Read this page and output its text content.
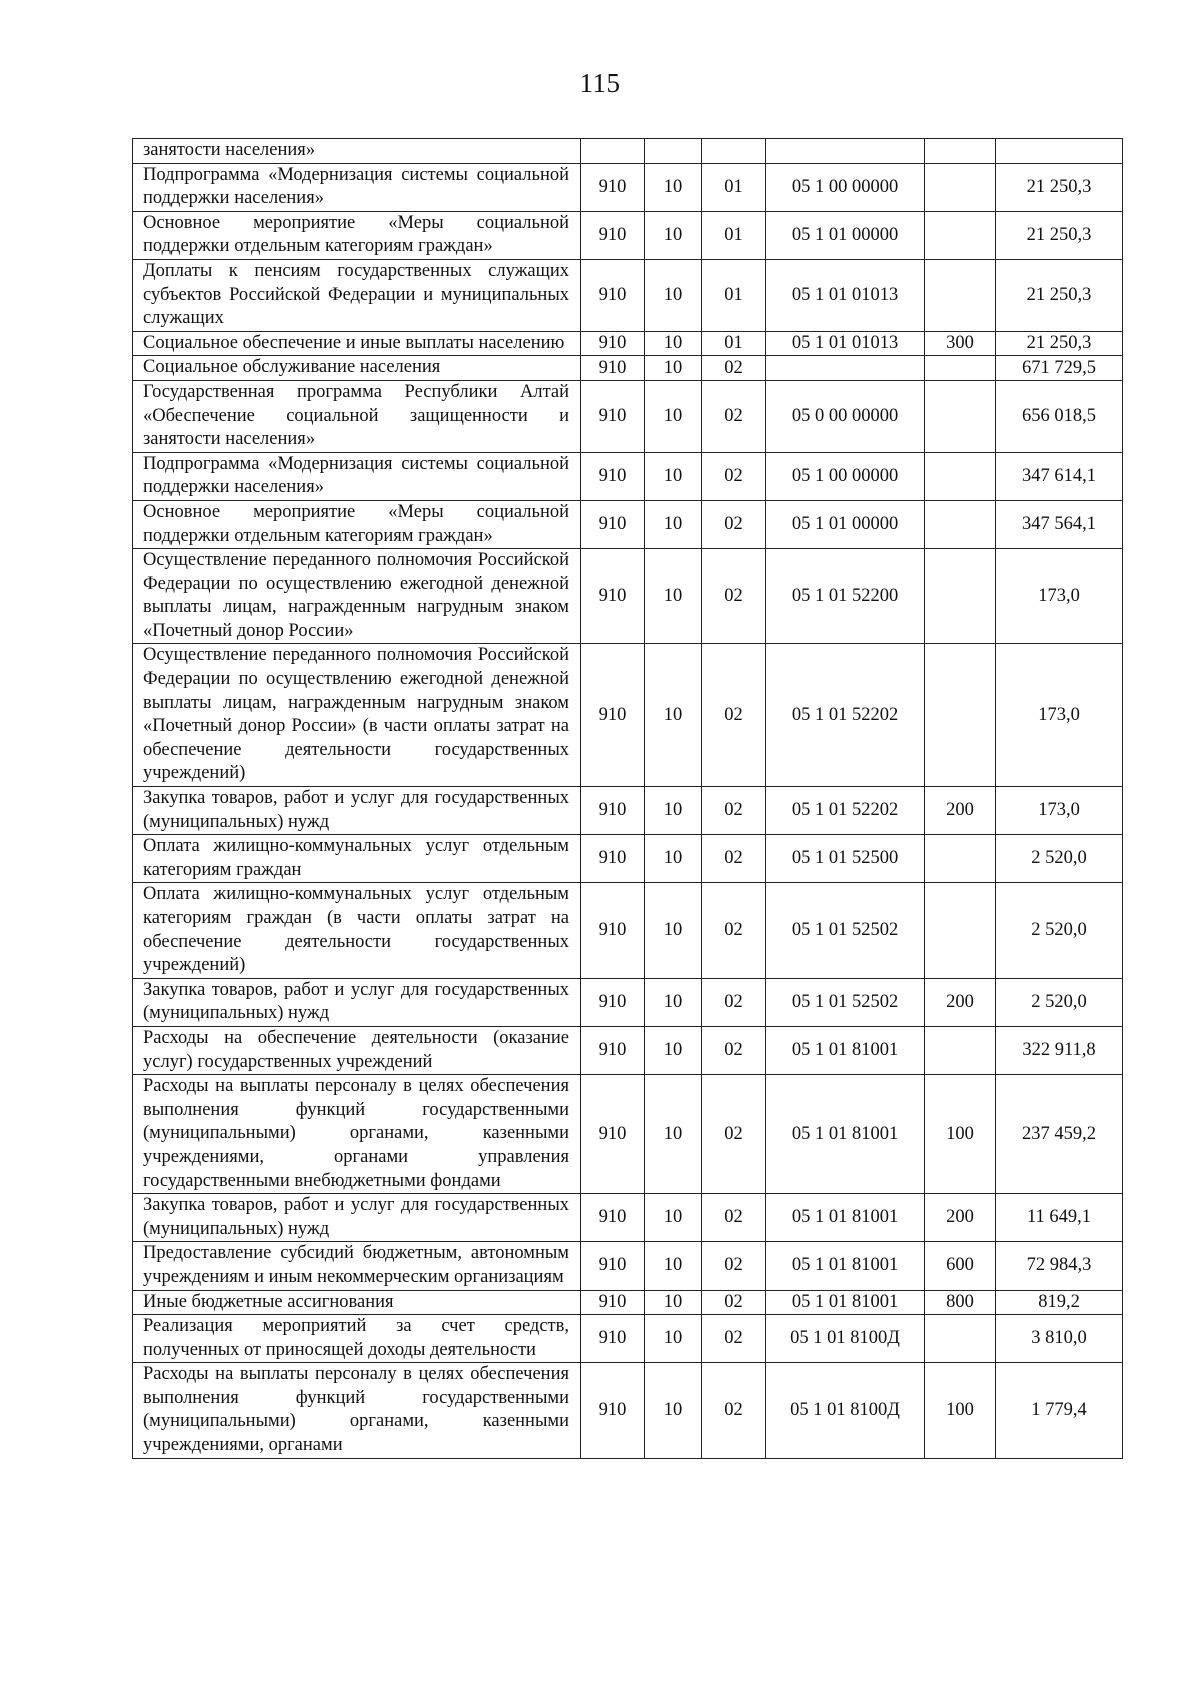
115
занятости населения»						
Подпрограмма «Модернизация системы социальной поддержки населения»	910	10	01	05 1 00 00000		21 250,3
Основное мероприятие «Меры социальной поддержки отдельным категориям граждан»	910	10	01	05 1 01 00000		21 250,3
Доплаты к пенсиям государственных служащих субъектов Российской Федерации и муниципальных служащих	910	10	01	05 1 01 01013		21 250,3
Социальное обеспечение и иные выплаты населению	910	10	01	05 1 01 01013	300	21 250,3
Социальное обслуживание населения	910	10	02			671 729,5
Государственная программа Республики Алтай «Обеспечение социальной защищенности и занятости населения»	910	10	02	05 0 00 00000		656 018,5
Подпрограмма «Модернизация системы социальной поддержки населения»	910	10	02	05 1 00 00000		347 614,1
Основное мероприятие «Меры социальной поддержки отдельным категориям граждан»	910	10	02	05 1 01 00000		347 564,1
Осуществление переданного полномочия Российской Федерации по осуществлению ежегодной денежной выплаты лицам, награжденным нагрудным знаком «Почетный донор России»	910	10	02	05 1 01 52200		173,0
Осуществление переданного полномочия Российской Федерации по осуществлению ежегодной денежной выплаты лицам, награжденным нагрудным знаком «Почетный донор России» (в части оплаты затрат на обеспечение деятельности государственных учреждений)	910	10	02	05 1 01 52202		173,0
Закупка товаров, работ и услуг для государственных (муниципальных) нужд	910	10	02	05 1 01 52202	200	173,0
Оплата жилищно-коммунальных услуг отдельным категориям граждан	910	10	02	05 1 01 52500		2 520,0
Оплата жилищно-коммунальных услуг отдельным категориям граждан (в части оплаты затрат на обеспечение деятельности государственных учреждений)	910	10	02	05 1 01 52502		2 520,0
Закупка товаров, работ и услуг для государственных (муниципальных) нужд	910	10	02	05 1 01 52502	200	2 520,0
Расходы на обеспечение деятельности (оказание услуг) государственных учреждений	910	10	02	05 1 01 81001		322 911,8
Расходы на выплаты персоналу в целях обеспечения выполнения функций государственными (муниципальными) органами, казенными учреждениями, органами управления государственными внебюджетными фондами	910	10	02	05 1 01 81001	100	237 459,2
Закупка товаров, работ и услуг для государственных (муниципальных) нужд	910	10	02	05 1 01 81001	200	11 649,1
Предоставление субсидий бюджетным, автономным учреждениям и иным некоммерческим организациям	910	10	02	05 1 01 81001	600	72 984,3
Иные бюджетные ассигнования	910	10	02	05 1 01 81001	800	819,2
Реализация мероприятий за счет средств, полученных от приносящей доходы деятельности	910	10	02	05 1 01 8100Д		3 810,0
Расходы на выплаты персоналу в целях обеспечения выполнения функций государственными (муниципальными) органами, казенными учреждениями, органами	910	10	02	05 1 01 8100Д	100	1 779,4
